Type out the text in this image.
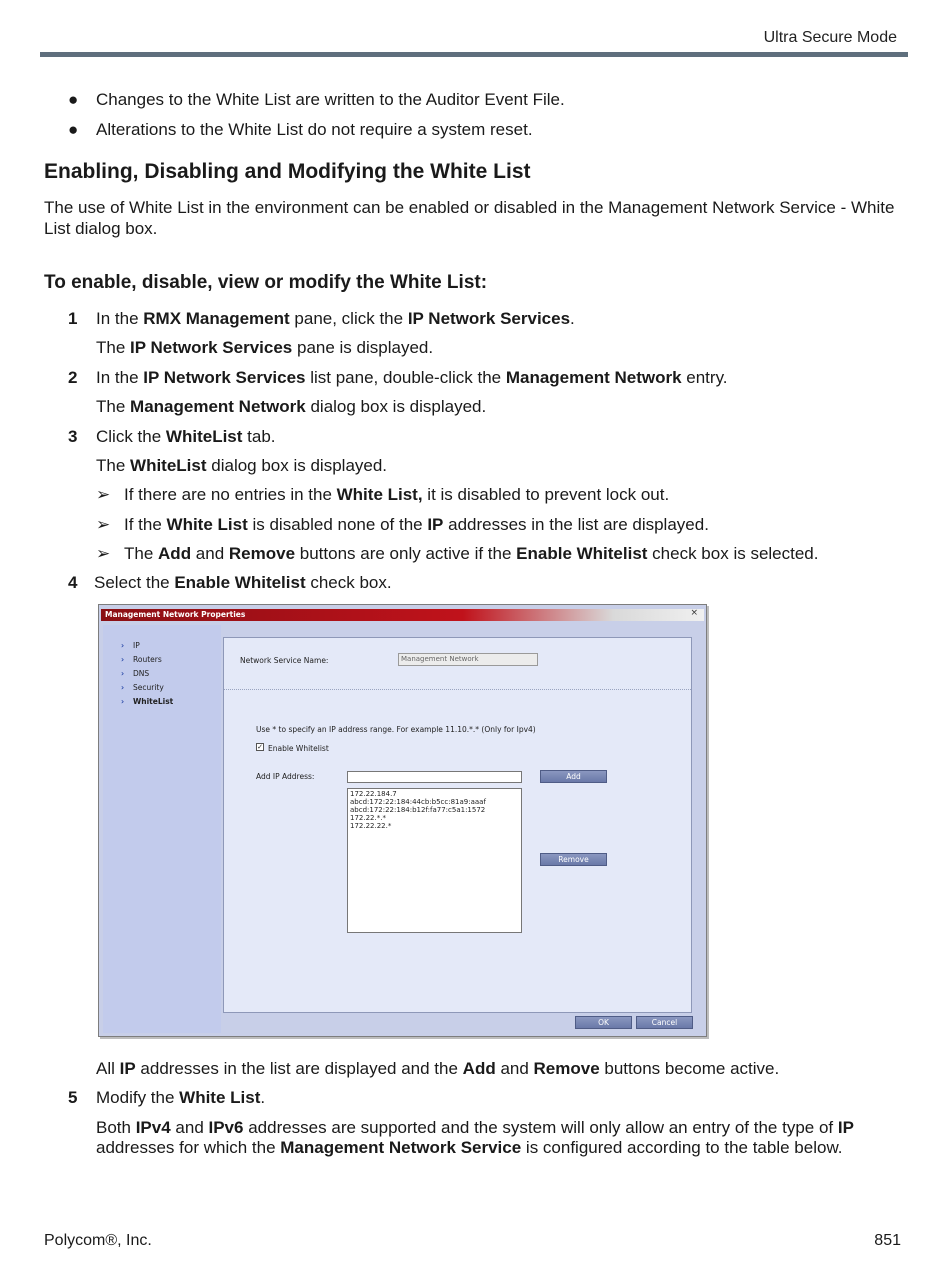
Ultra Secure Mode
● Changes to the White List are written to the Auditor Event File.
● Alterations to the White List do not require a system reset.
Enabling, Disabling and Modifying the White List
The use of White List in the environment can be enabled or disabled in the Management Network Service - White List dialog box.
To enable, disable, view or modify the White List:
1 In the RMX Management pane, click the IP Network Services.
The IP Network Services pane is displayed.
2 In the IP Network Services list pane, double-click the Management Network entry.
The Management Network dialog box is displayed.
3 Click the WhiteList tab.
The WhiteList dialog box is displayed.
➢ If there are no entries in the White List, it is disabled to prevent lock out.
➢ If the White List is disabled none of the IP addresses in the list are displayed.
➢ The Add and Remove buttons are only active if the Enable Whitelist check box is selected.
4 Select the Enable Whitelist check box.
Management Network Properties	×
› IP
› Routers
› DNS
› Security
› WhiteList
Network Service Name:	Management Network
Use * to specify an IP address range. For example 11.10.*.* (Only for Ipv4)
✓ Enable Whitelist
Add IP Address:	Add
172.22.184.7
abcd:172:22:184:44cb:b5cc:81a9:aaaf
abcd:172:22:184:b12f:fa77:c5a1:1572
172.22.*.*
172.22.22.*
Remove
OK	Cancel
All IP addresses in the list are displayed and the Add and Remove buttons become active.
5 Modify the White List.
Both IPv4 and IPv6 addresses are supported and the system will only allow an entry of the type of IP addresses for which the Management Network Service is configured according to the table below.
Polycom®, Inc.	851
